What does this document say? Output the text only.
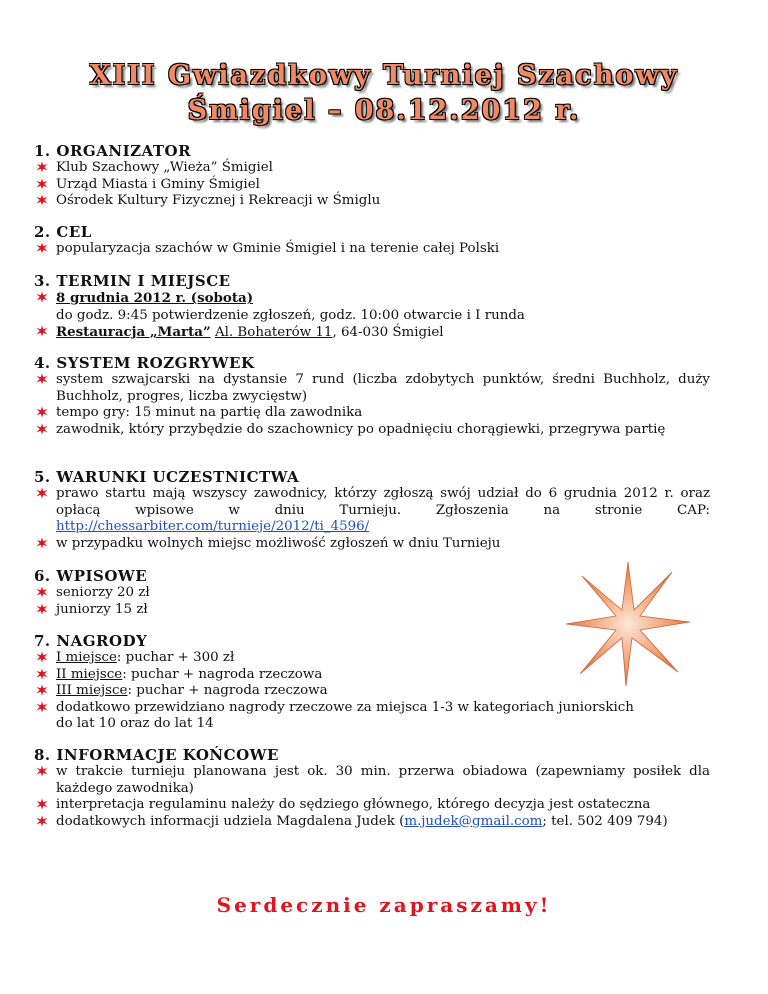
XIII Gwiazdkowy Turniej Szachowy
Śmigiel – 08.12.2012 r.
1. ORGANIZATOR
Klub Szachowy „Wieża” Śmigiel
Urząd Miasta i Gminy Śmigiel
Ośrodek Kultury Fizycznej i Rekreacji w Śmiglu
2. CEL
popularyzacja szachów w Gminie Śmigiel i na terenie całej Polski
3. TERMIN I MIEJSCE
8 grudnia 2012 r. (sobota)
do godz. 9:45 potwierdzenie zgłoszeń, godz. 10:00 otwarcie i I runda
Restauracja „Marta” Al. Bohaterów 11, 64-030 Śmigiel
4. SYSTEM ROZGRYWEK
system szwajcarski na dystansie 7 rund (liczba zdobytych punktów, średni Buchholz, duży Buchholz, progres, liczba zwycięstw)
tempo gry: 15 minut na partię dla zawodnika
zawodnik, który przybędzie do szachownicy po opadnięciu chorągiewki, przegrywa partię
5. WARUNKI UCZESTNICTWA
prawo startu mają wszyscy zawodnicy, którzy zgłoszą swój udział do 6 grudnia 2012 r. oraz opłacą wpisowe w dniu Turnieju. Zgłoszenia na stronie CAP: http://chessarbiter.com/turnieje/2012/ti_4596/
w przypadku wolnych miejsc możliwość zgłoszeń w dniu Turnieju
6. WPISOWE
seniorzy 20 zł
juniorzy 15 zł
7. NAGRODY
I miejsce: puchar + 300 zł
II miejsce: puchar + nagroda rzeczowa
III miejsce: puchar + nagroda rzeczowa
dodatkowo przewidziano nagrody rzeczowe za miejsca 1-3 w kategoriach juniorskich do lat 10 oraz do lat 14
8. INFORMACJE KOŃCOWE
w trakcie turnieju planowana jest ok. 30 min. przerwa obiadowa (zapewniamy posiłek dla każdego zawodnika)
interpretacja regulaminu należy do sędziego głównego, którego decyzja jest ostateczna
dodatkowych informacji udziela Magdalena Judek (m.judek@gmail.com; tel. 502 409 794)
Serdecznie zapraszamy!
